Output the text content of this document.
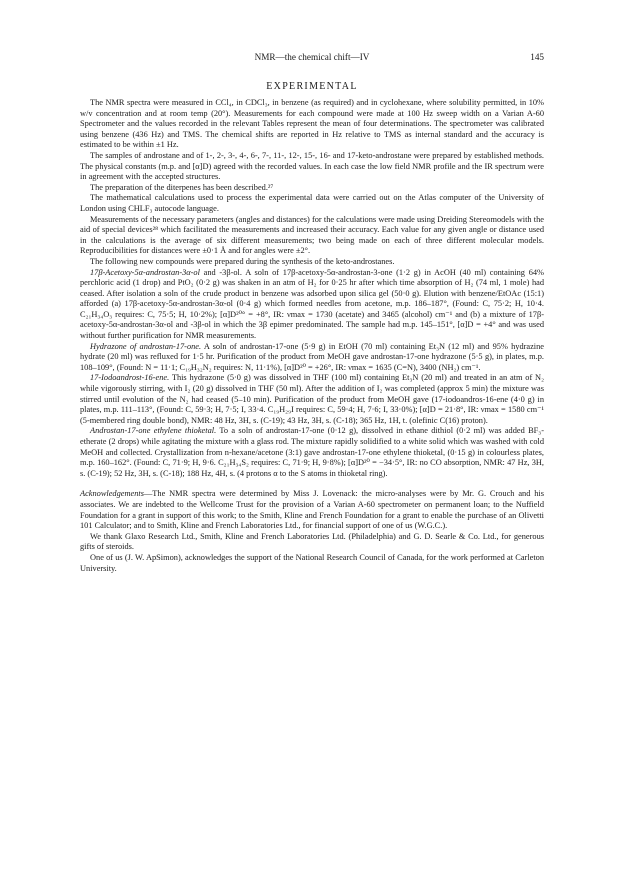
NMR—the chemical chift—IV	145
EXPERIMENTAL

The NMR spectra were measured in CCl₄, in CDCl₃, in benzene (as required) and in cyclohexane, where solubility permitted, in 10% w/v concentration and at room temp (20°). Measurements for each compound were made at 100 Hz sweep width on a Varian A-60 Spectrometer and the values recorded in the relevant Tables represent the mean of four determinations. The spectrometer was calibrated using benzene (436 Hz) and TMS. The chemical shifts are reported in Hz relative to TMS as internal standard and the accuracy is estimated to be within ±1 Hz.

The samples of androstane and of 1-, 2-, 3-, 4-, 6-, 7-, 11-, 12-, 15-, 16- and 17-keto-androstane were prepared by established methods. The physical constants (m.p. and [α]D) agreed with the recorded values. In each case the low field NMR profile and the IR spectrum were in agreement with the accepted structures.

The preparation of the diterpenes has been described.²⁷

The mathematical calculations used to process the experimental data were carried out on the Atlas computer of the University of London using CHLF₃ autocode language.

Measurements of the necessary parameters (angles and distances) for the calculations were made using Dreiding Stereomodels with the aid of special devices²⁸ which facilitated the measurements and increased their accuracy. Each value for any given angle or distance used in the calculations is the average of six different measurements; two being made on each of three different molecular models. Reproducibilities for distances were ±0·1 Å and for angles were ±2°.

The following new compounds were prepared during the synthesis of the keto-androstanes.

17β-Acetoxy-5α-androstan-3α-ol and -3β-ol. A soln of 17β-acetoxy-5α-androstan-3-one (1·2 g) in AcOH (40 ml) containing 64% perchloric acid (1 drop) and PtO₂ (0·2 g) was shaken in an atm of H₂ for 0·25 hr after which time absorption of H₂ (74 ml, 1 mole) had ceased. After isolation a soln of the crude product in benzene was adsorbed upon silica gel (50·0 g). Elution with benzene/EtOAc (15:1) afforded (a) 17β-acetoxy-5α-androstan-3α-ol (0·4 g) which formed needles from acetone, m.p. 186–187°, (Found: C, 75·2; H, 10·4. C₂₁H₃₄O₃ requires: C, 75·5; H, 10·2%); [α]D²⁰° = +8°, IR: νmax = 1730 (acetate) and 3465 (alcohol) cm⁻¹ and (b) a mixture of 17β-acetoxy-5α-androstan-3α-ol and -3β-ol in which the 3β epimer predominated. The sample had m.p. 145–151°, [α]D = +4° and was used without further purification for NMR measurements.

Hydrazone of androstan-17-one. A soln of androstan-17-one (5·9 g) in EtOH (70 ml) containing Et₃N (12 ml) and 95% hydrazine hydrate (20 ml) was refluxed for 1·5 hr. Purification of the product from MeOH gave androstan-17-one hydrazone (5·5 g), in plates, m.p. 108–109°, (Found: N = 11·1; C₁₉H₃₂N₂ requires: N, 11·1%), [α]D²⁰ = +26°, IR: νmax = 1635 (C=N), 3400 (NH₂) cm⁻¹.

17-Iodoandrost-16-ene. This hydrazone (5·0 g) was dissolved in THF (100 ml) containing Et₃N (20 ml) and treated in an atm of N₂ while vigorously stirring, with I₂ (20 g) dissolved in THF (50 ml). After the addition of I₂ was completed (approx 5 min) the mixture was stirred until evolution of the N₂ had ceased (5–10 min). Purification of the product from MeOH gave (17-iodoandros-16-ene (4·0 g) in plates, m.p. 111–113°, (Found: C, 59·3; H, 7·5; I, 33·4. C₁₉H₂₉I requires: C, 59·4; H, 7·6; I, 33·0%); [α]D = 21·8°, IR: νmax = 1580 cm⁻¹ (5-membered ring double bond), NMR: 48 Hz, 3H, s. (C-19); 43 Hz, 3H, s. (C-18); 365 Hz, 1H, t. (olefinic C(16) proton).

Androstan-17-one ethylene thioketal. To a soln of androstan-17-one (0·12 g), dissolved in ethane dithiol (0·2 ml) was added BF₃-etherate (2 drops) while agitating the mixture with a glass rod. The mixture rapidly solidified to a white solid which was washed with cold MeOH and collected. Crystallization from n-hexane/acetone (3:1) gave androstan-17-one ethylene thioketal, (0·15 g) in colourless plates, m.p. 160–162°. (Found: C, 71·9; H, 9·6. C₂₁H₃₄S₂ requires: C, 71·9; H, 9·8%); [α]D²⁰ = −34·5°, IR: no CO absorption, NMR: 47 Hz, 3H, s. (C-19); 52 Hz, 3H, s. (C-18); 188 Hz, 4H, s. (4 protons α to the S atoms in thioketal ring).

Acknowledgements—The NMR spectra were determined by Miss J. Lovenack: the micro-analyses were by Mr. G. Crouch and his associates. We are indebted to the Wellcome Trust for the provision of a Varian A-60 spectrometer on permanent loan; to the Nuffield Foundation for a grant in support of this work; to the Smith, Kline and French Foundation for a grant to enable the purchase of an Olivetti 101 Calculator; and to Smith, Kline and French Laboratories Ltd., for financial support of one of us (W.G.C.).

We thank Glaxo Research Ltd., Smith, Kline and French Laboratories Ltd. (Philadelphia) and G. D. Searle & Co. Ltd., for generous gifts of steroids.

One of us (J. W. ApSimon), acknowledges the support of the National Research Council of Canada, for the work performed at Carleton University.
